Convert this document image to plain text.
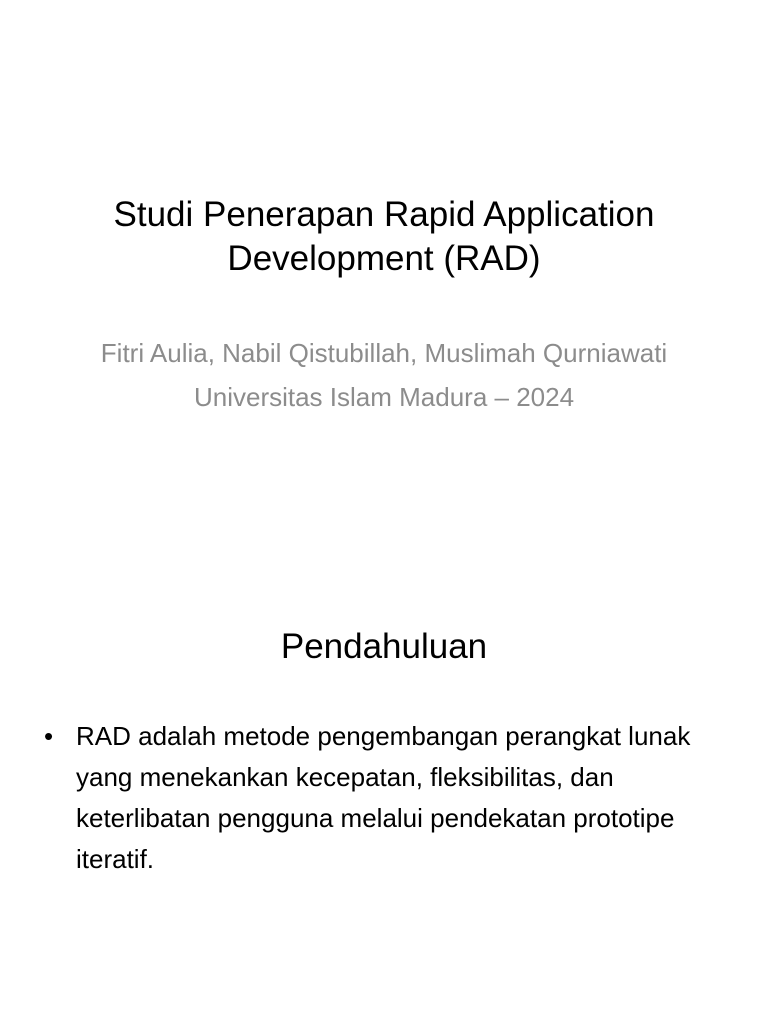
Studi Penerapan Rapid Application Development (RAD)
Fitri Aulia, Nabil Qistubillah, Muslimah Qurniawati
Universitas Islam Madura – 2024
Pendahuluan
• RAD adalah metode pengembangan perangkat lunak yang menekankan kecepatan, fleksibilitas, dan keterlibatan pengguna melalui pendekatan prototipe iteratif.
